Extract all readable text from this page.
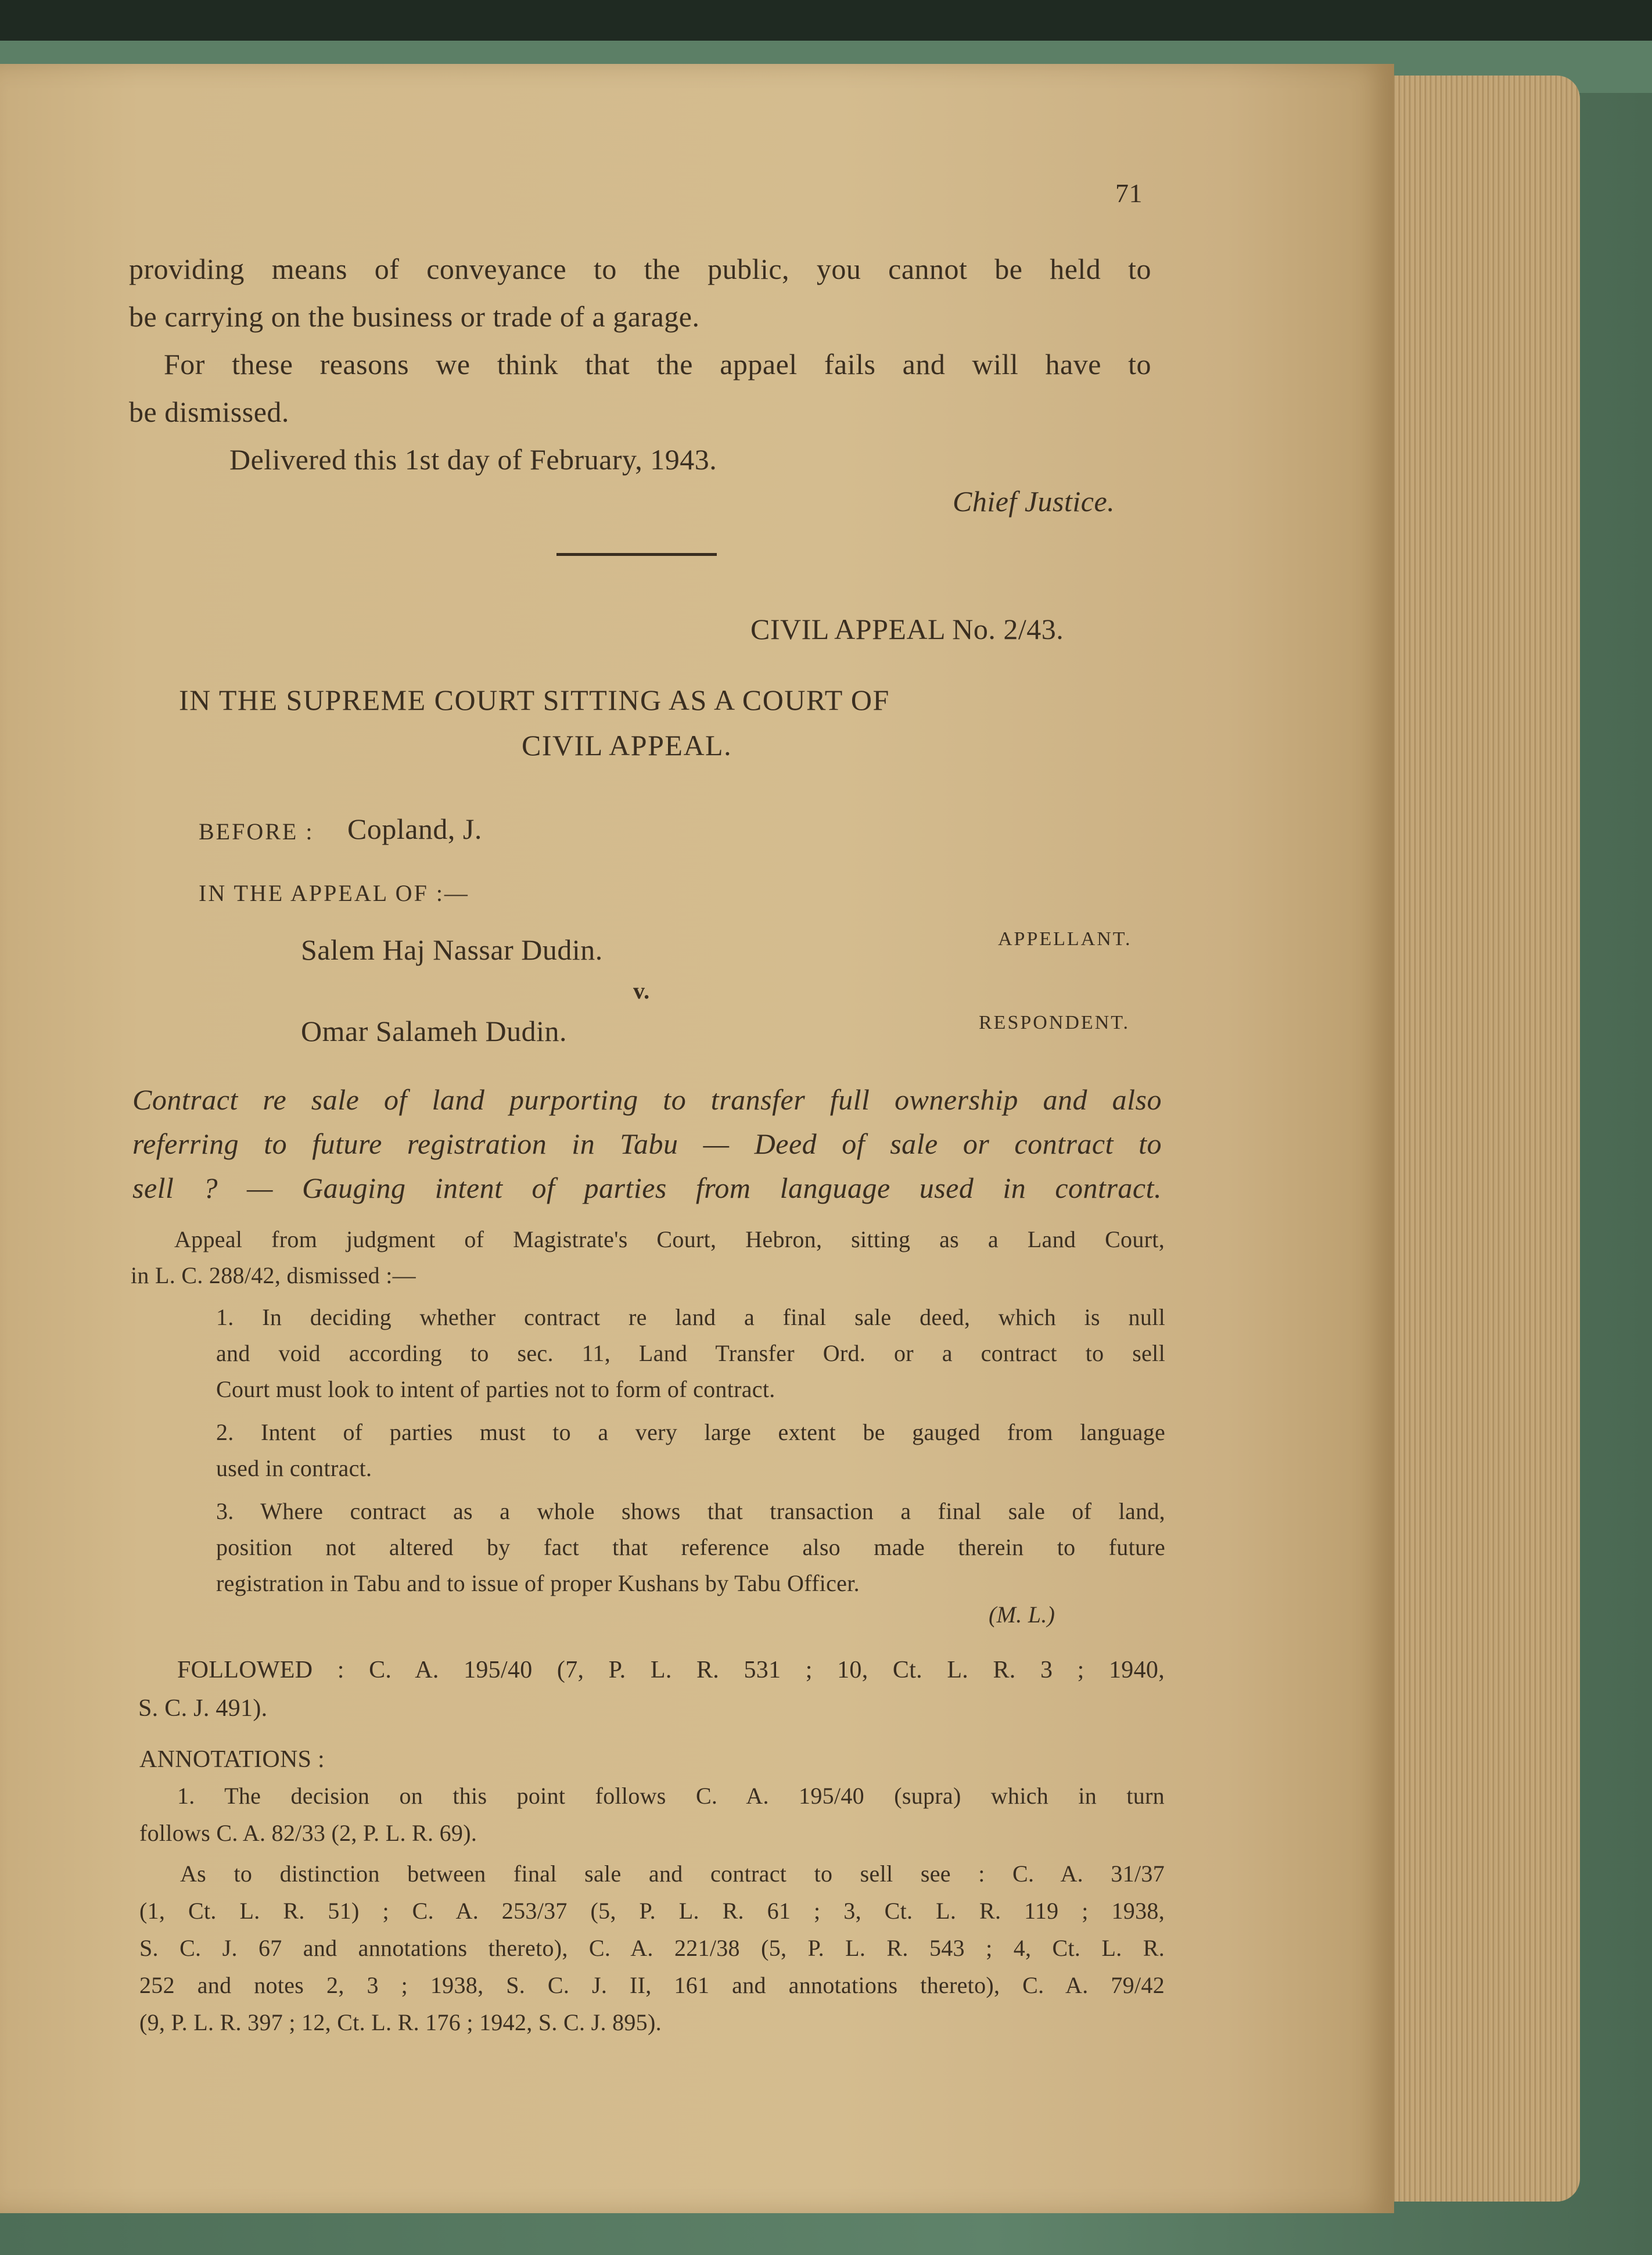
71
providing means of conveyance to the public, you cannot be held to
be carrying on the business or trade of a garage.
For these reasons we think that the appael fails and will have to
be dismissed.
Delivered this 1st day of February, 1943.
Chief Justice.
CIVIL APPEAL No. 2/43.
IN THE SUPREME COURT SITTING AS A COURT OF
CIVIL APPEAL.
BEFORE : Copland, J.
IN THE APPEAL OF :—
Salem Haj Nassar Dudin.	APPELLANT.
v.
Omar Salameh Dudin.	RESPONDENT.
Contract re sale of land purporting to transfer full ownership and also
referring to future registration in Tabu — Deed of sale or contract to
sell ? — Gauging intent of parties from language used in contract.
Appeal from judgment of Magistrate's Court, Hebron, sitting as a Land Court,
in L. C. 288/42, dismissed :—
1. In deciding whether contract re land a final sale deed, which is null
and void according to sec. 11, Land Transfer Ord. or a contract to sell
Court must look to intent of parties not to form of contract.
2. Intent of parties must to a very large extent be gauged from language
used in contract.
3. Where contract as a whole shows that transaction a final sale of land,
position not altered by fact that reference also made therein to future
registration in Tabu and to issue of proper Kushans by Tabu Officer.
(M. L.)
FOLLOWED : C. A. 195/40 (7, P. L. R. 531 ; 10, Ct. L. R. 3 ; 1940,
S. C. J. 491).
ANNOTATIONS :
1. The decision on this point follows C. A. 195/40 (supra) which in turn
follows C. A. 82/33 (2, P. L. R. 69).
As to distinction between final sale and contract to sell see : C. A. 31/37
(1, Ct. L. R. 51) ; C. A. 253/37 (5, P. L. R. 61 ; 3, Ct. L. R. 119 ; 1938,
S. C. J. 67 and annotations thereto), C. A. 221/38 (5, P. L. R. 543 ; 4, Ct. L. R.
252 and notes 2, 3 ; 1938, S. C. J. II, 161 and annotations thereto), C. A. 79/42
(9, P. L. R. 397 ; 12, Ct. L. R. 176 ; 1942, S. C. J. 895).
